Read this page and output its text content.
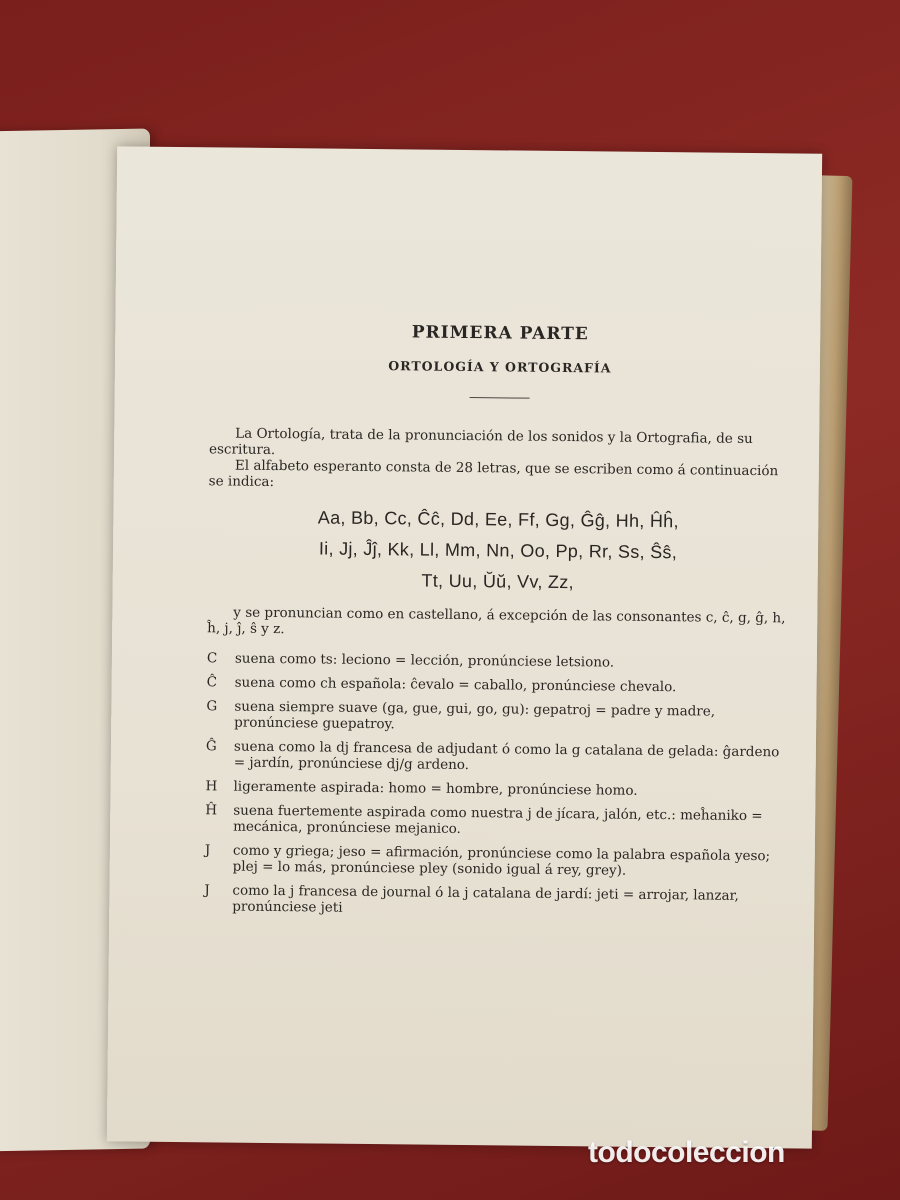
PRIMERA PARTE
ORTOLOGÍA Y ORTOGRAFÍA

La Ortología, trata de la pronunciación de los sonidos y la Ortografia, de su escritura.

El alfabeto esperanto consta de 28 letras, que se escriben como á continuación se indica:

Aa, Bb, Cc, Ĉĉ, Dd, Ee, Ff, Gg, Ĝĝ, Hh, Ĥĥ,
Ii, Jj, Ĵĵ, Kk, Ll, Mm, Nn, Oo, Pp, Rr, Ss, Ŝŝ,
Tt, Uu, Ŭŭ, Vv, Zz,

y se pronuncian como en castellano, á excepción de las consonantes c, ĉ, g, ĝ, h, ĥ, j, ĵ, ŝ y z.

C	suena como ts: leciono = lección, pronúnciese letsiono.

Ĉ	suena como ch española: ĉevalo = caballo, pronúnciese chevalo.

G	suena siempre suave (ga, gue, gui, go, gu): gepatroj = padre y madre, pronúnciese guepatroy.

Ĝ	suena como la dj francesa de adjudant ó como la g catalana de gelada: ĝardeno = jardín, pronúnciese dj/g ardeno.

H	ligeramente aspirada: homo = hombre, pronúnciese homo.

Ĥ	suena fuertemente aspirada como nuestra j de jícara, jalón, etc.: meĥaniko = mecánica, pronúnciese mejanico.

J	como y griega; jeso = afirmación, pronúnciese como la palabra española yeso; plej = lo más, pronúnciese pley (sonido igual á rey, grey).

J	como la j francesa de journal ó la j catalana de jardí: jeti = arrojar, lanzar, pronúnciese jeti

todocoleccion
